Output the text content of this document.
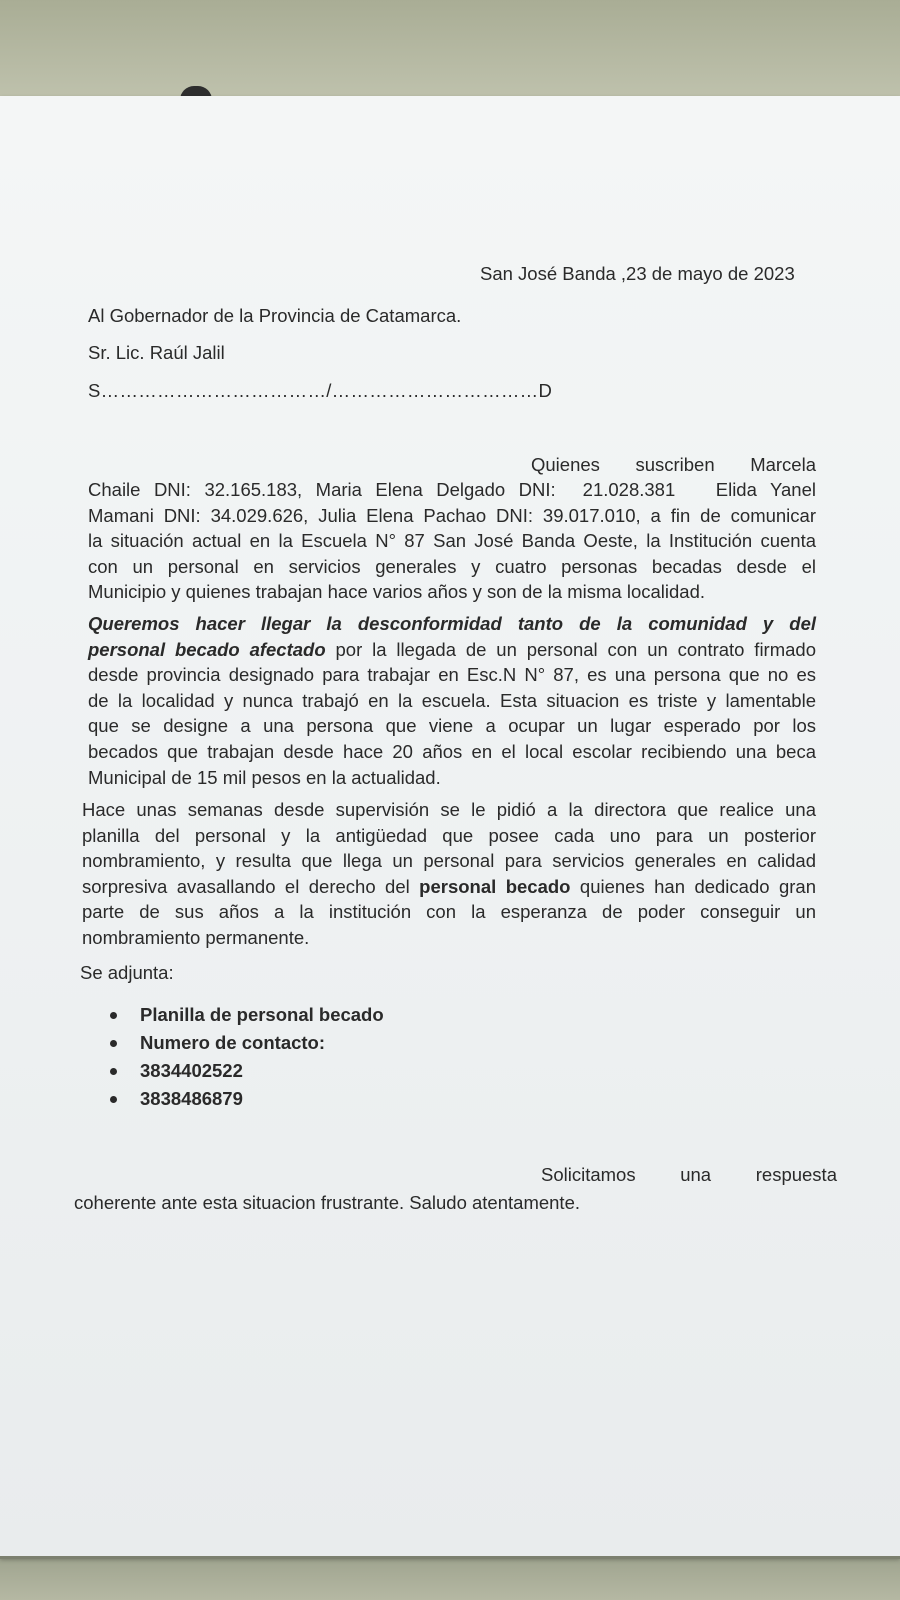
San José Banda ,23 de mayo de 2023
Al Gobernador de la Provincia de Catamarca.
Sr. Lic. Raúl Jalil
S………………………………/……………………………D
Quienes      suscriben      Marcela
Chaile DNI: 32.165.183, Maria Elena Delgado DNI:  21.028.381   Elida Yanel
Mamani DNI: 34.029.626, Julia Elena Pachao DNI: 39.017.010, a fin de comunicar
la situación actual en la Escuela N° 87 San José Banda Oeste, la Institución cuenta
con un personal en servicios generales y cuatro personas becadas desde el
Municipio y quienes trabajan hace varios años y son de la misma localidad.
Queremos hacer llegar la desconformidad tanto de la comunidad y del
personal becado afectado por la llegada de un personal con un contrato firmado
desde provincia designado para trabajar en Esc.N N° 87, es una persona que no es
de la localidad y nunca trabajó en la escuela. Esta situacion es triste y lamentable
que se designe a una persona que viene a ocupar un lugar esperado por los
becados que trabajan desde hace 20 años en el local escolar recibiendo una beca
Municipal de 15 mil pesos en la actualidad.
Hace unas semanas desde supervisión se le pidió a la directora que realice una
planilla del personal y la antigüedad que posee cada uno para un posterior
nombramiento, y resulta que llega un personal para servicios generales en calidad
sorpresiva avasallando el derecho del personal becado quienes han dedicado gran
parte de sus años a la institución con la esperanza de poder conseguir un
nombramiento permanente.
Se adjunta:
Planilla de personal becado
Numero de contacto:
3834402522
3838486879
Solicitamos      una      respuesta
coherente ante esta situacion frustrante. Saludo atentamente.
